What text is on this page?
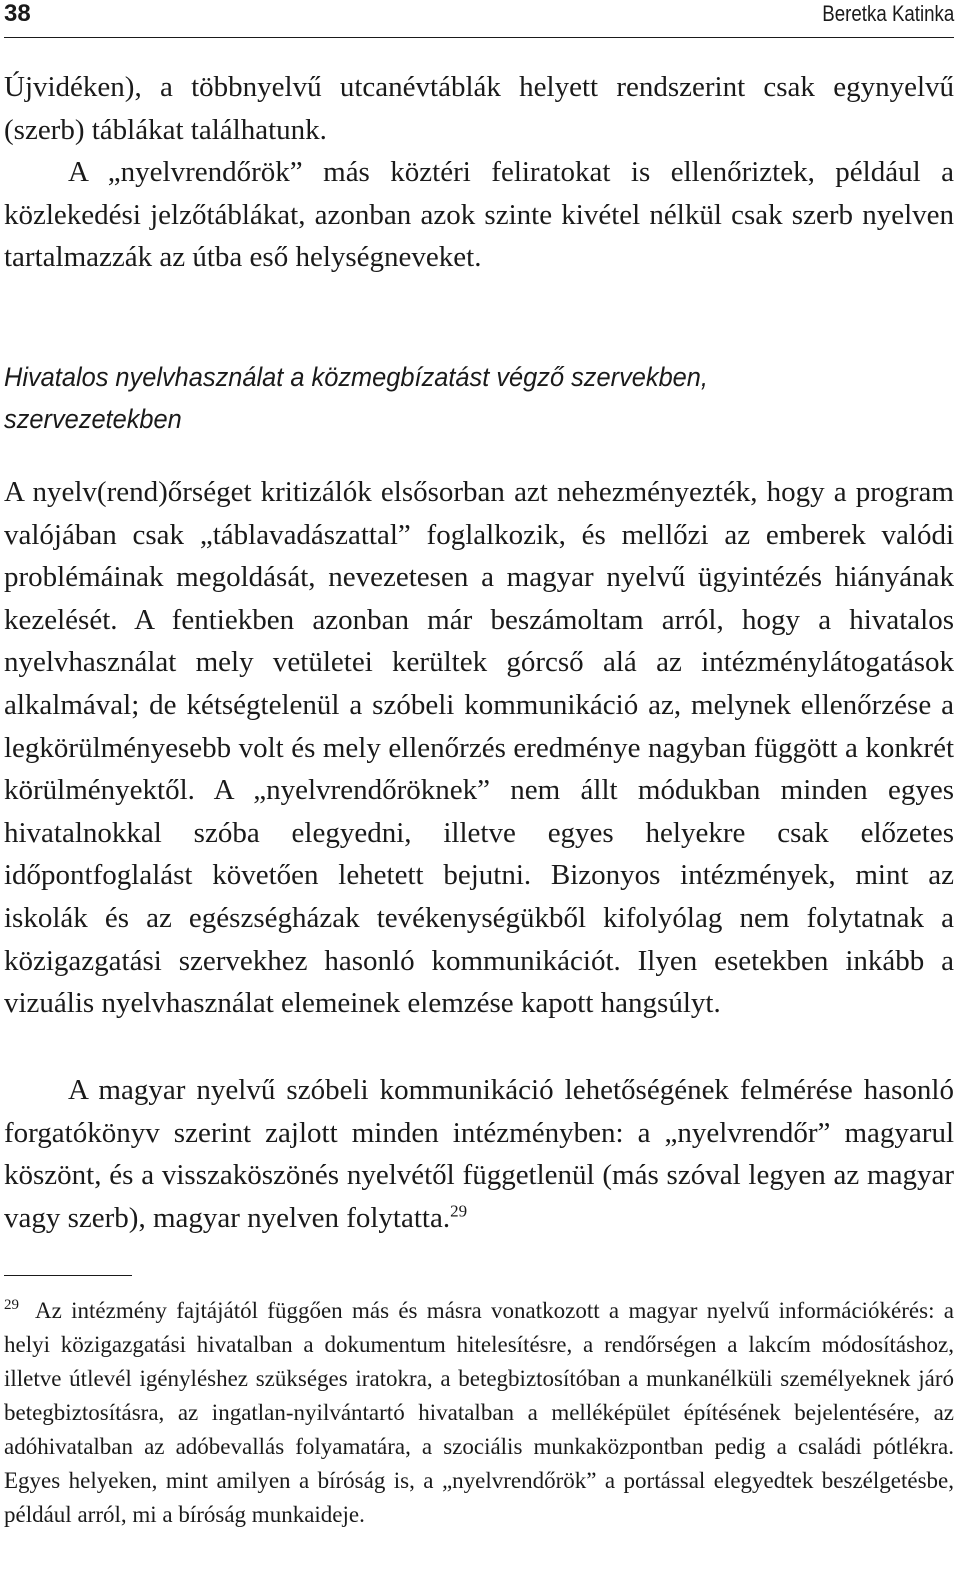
38	Beretka Katinka

Újvidéken), a többnyelvű utcanévtáblák helyett rendszerint csak egynyelvű (szerb) táblákat találhatunk.

A „nyelvrendőrök” más köztéri feliratokat is ellenőriztek, például a közlekedési jelzőtáblákat, azonban azok szinte kivétel nélkül csak szerb nyelven tartalmazzák az útba eső helységneveket.

Hivatalos nyelvhasználat a közmegbízatást végző szervekben, szervezetekben

A nyelv(rend)őrséget kritizálók elsősorban azt nehezményezték, hogy a program valójában csak „táblavadászattal” foglalkozik, és mellőzi az emberek valódi problémáinak megoldását, nevezetesen a magyar nyelvű ügyintézés hiányának kezelését. A fentiekben azonban már beszámoltam arról, hogy a hivatalos nyelvhasználat mely vetületei kerültek górcső alá az intézménylátogatások alkalmával; de kétségtelenül a szóbeli kommunikáció az, melynek ellenőrzése a legkörülményesebb volt és mely ellenőrzés eredménye nagyban függött a konkrét körülményektől. A „nyelvrendőröknek” nem állt módukban minden egyes hivatalnokkal szóba elegyedni, illetve egyes helyekre csak előzetes időpontfoglalást követően lehetett bejutni. Bizonyos intézmények, mint az iskolák és az egészségházak tevékenységükből kifolyólag nem folytatnak a közigazgatási szervekhez hasonló kommunikációt. Ilyen esetekben inkább a vizuális nyelvhasználat elemeinek elemzése kapott hangsúlyt.

A magyar nyelvű szóbeli kommunikáció lehetőségének felmérése hasonló forgatókönyv szerint zajlott minden intézményben: a „nyelvrendőr” magyarul köszönt, és a visszaköszönés nyelvétől függetlenül (más szóval legyen az magyar vagy szerb), magyar nyelven folytatta.$^{29}$

$^{29}$ Az intézmény fajtájától függően más és másra vonatkozott a magyar nyelvű információkérés: a helyi közigazgatási hivatalban a dokumentum hitelesítésre, a rendőrségen a lakcím módosításhoz, illetve útlevél igényléshez szükséges iratokra, a betegbiztosítóban a munkanélküli személyeknek járó betegbiztosításra, az ingatlan-nyilvántartó hivatalban a melléképület építésének bejelentésére, az adóhivatalban az adóbevallás folyamatára, a szociális munkaközpontban pedig a családi pótlékra. Egyes helyeken, mint amilyen a bíróság is, a „nyelvrendőrök” a portással elegyedtek beszélgetésbe, például arról, mi a bíróság munkaideje.
